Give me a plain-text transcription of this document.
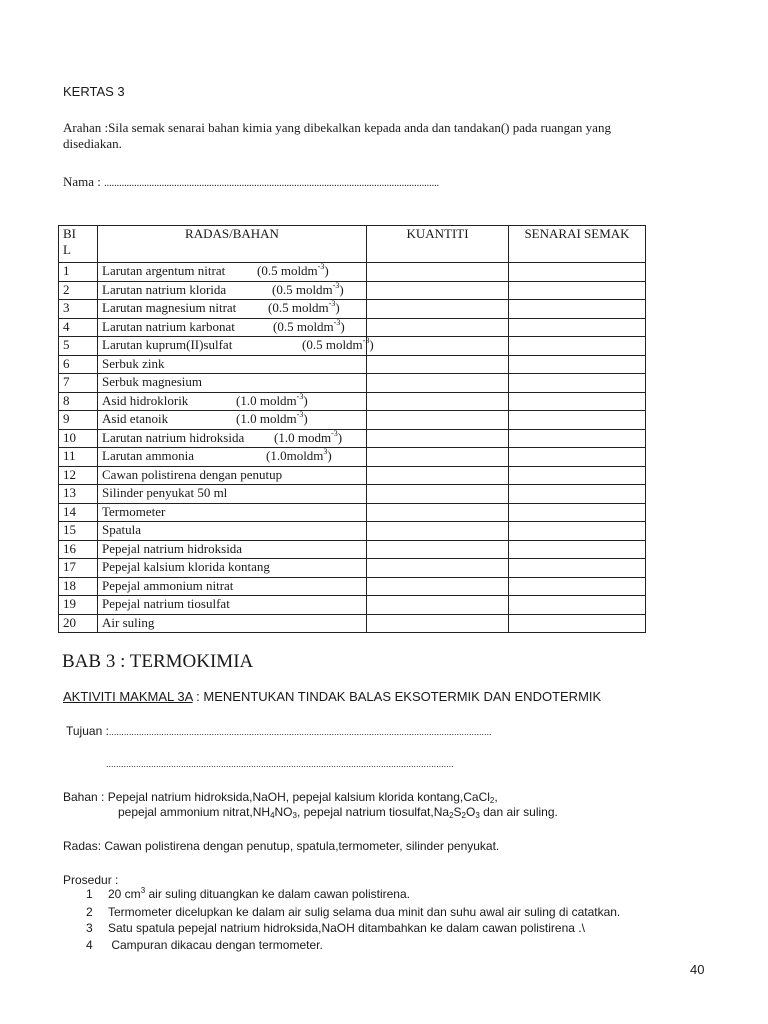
KERTAS 3
Arahan :Sila semak senarai bahan kimia yang dibekalkan kepada anda dan tandakan() pada ruangan yang
disediakan.
Nama : ......................................................................................................................................
BI
L	RADAS/BAHAN	KUANTITI	SENARAI SEMAK
1	Larutan argentum nitrat (0.5 moldm$^{-3}$)		

2	Larutan natrium klorida (0.5 moldm$^{-3}$)		

3	Larutan magnesium nitrat (0.5 moldm$^{-3}$)		

4	Larutan natrium karbonat (0.5 moldm$^{-3}$)		

5	Larutan kuprum(II)sulfat (0.5 moldm$^{-3}$)		

6	Serbuk zink		
7	Serbuk magnesium		
8	Asid hidroklorik (1.0 moldm$^{-3}$)		

9	Asid etanoik (1.0 moldm$^{-3}$)		

10	Larutan natrium hidroksida (1.0 modm$^{-3}$)		

11	Larutan ammonia (1.0moldm$^3$)		

12	Cawan polistirena dengan penutup		
13	Silinder penyukat 50 ml		
14	Termometer		
15	Spatula		
16	Pepejal natrium hidroksida		
17	Pepejal kalsium klorida kontang		
18	Pepejal ammonium nitrat		
19	Pepejal natrium tiosulfat		
20	Air suling		
BAB 3 : TERMOKIMIA
AKTIVITI MAKMAL 3A : MENENTUKAN TINDAK BALAS EKSOTERMIK DAN ENDOTERMIK
Tujuan :.........................................................................................................................................................
...........................................................................................................................................
Bahan : Pepejal natrium hidroksida,NaOH, pepejal kalsium klorida kontang,CaCl$_2$,
pepejal ammonium $nitrat,NH_4NO_3$, pepejal natrium $tiosulfat,Na_2S_2O_3$ dan air suling.
Radas: Cawan polistirena dengan penutup, spatula,termometer, silinder penyukat.
Prosedur :
1 20 $cm^3$ air suling dituangkan ke dalam cawan polistirena.
2 Termometer dicelupkan ke dalam air sulig selama dua minit dan suhu awal air suling di catatkan.
3 Satu spatula pepejal natrium hidroksida,NaOH ditambahkan ke dalam cawan polistirena .\
4 Campuran dikacau dengan termometer.
40
